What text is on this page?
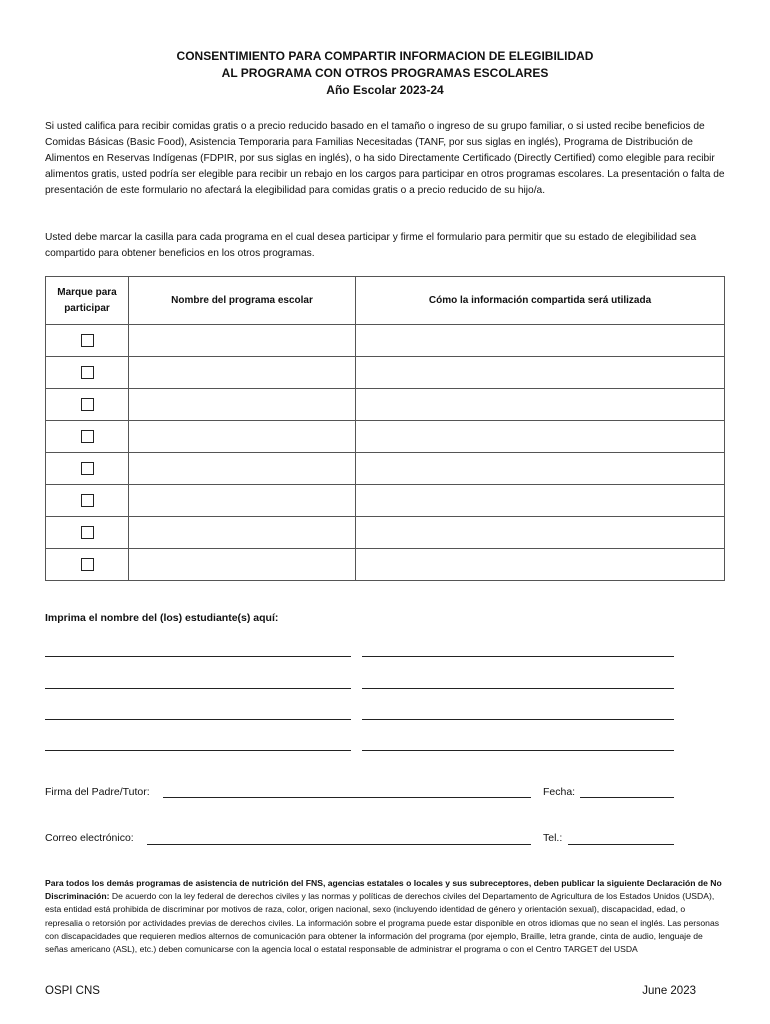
CONSENTIMIENTO PARA COMPARTIR INFORMACION DE ELEGIBILIDAD
AL PROGRAMA CON OTROS PROGRAMAS ESCOLARES
Año Escolar 2023-24
Si usted califica para recibir comidas gratis o a precio reducido basado en el tamaño o ingreso de su grupo familiar, o si usted recibe beneficios de Comidas Básicas (Basic Food), Asistencia Temporaria para Familias Necesitadas (TANF, por sus siglas en inglés), Programa de Distribución de Alimentos en Reservas Indígenas (FDPIR, por sus siglas en inglés), o ha sido Directamente Certificado (Directly Certified) como elegible para recibir alimentos gratis, usted podría ser elegible para recibir un rebajo en los cargos para participar en otros programas escolares. La presentación o falta de presentación de este formulario no afectará la elegibilidad para comidas gratis o a precio reducido de su hijo/a.
Usted debe marcar la casilla para cada programa en el cual desea participar y firme el formulario para permitir que su estado de elegibilidad sea compartido para obtener beneficios en los otros programas.
Marque para participar	Nombre del programa escolar	Cómo la información compartida será utilizada

Imprima el nombre del (los) estudiante(s) aquí:
Firma del Padre/Tutor:	Fecha:
Correo electrónico:	Tel.:
Para todos los demás programas de asistencia de nutrición del FNS, agencias estatales o locales y sus subreceptores, deben publicar la siguiente Declaración de No Discriminación: De acuerdo con la ley federal de derechos civiles y las normas y políticas de derechos civiles del Departamento de Agricultura de los Estados Unidos (USDA), esta entidad está prohibida de discriminar por motivos de raza, color, origen nacional, sexo (incluyendo identidad de género y orientación sexual), discapacidad, edad, o represalia o retorsión por actividades previas de derechos civiles. La información sobre el programa puede estar disponible en otros idiomas que no sean el inglés. Las personas con discapacidades que requieren medios alternos de comunicación para obtener la información del programa (por ejemplo, Braille, letra grande, cinta de audio, lenguaje de señas americano (ASL), etc.) deben comunicarse con la agencia local o estatal responsable de administrar el programa o con el Centro TARGET del USDA
OSPI CNS	June 2023
